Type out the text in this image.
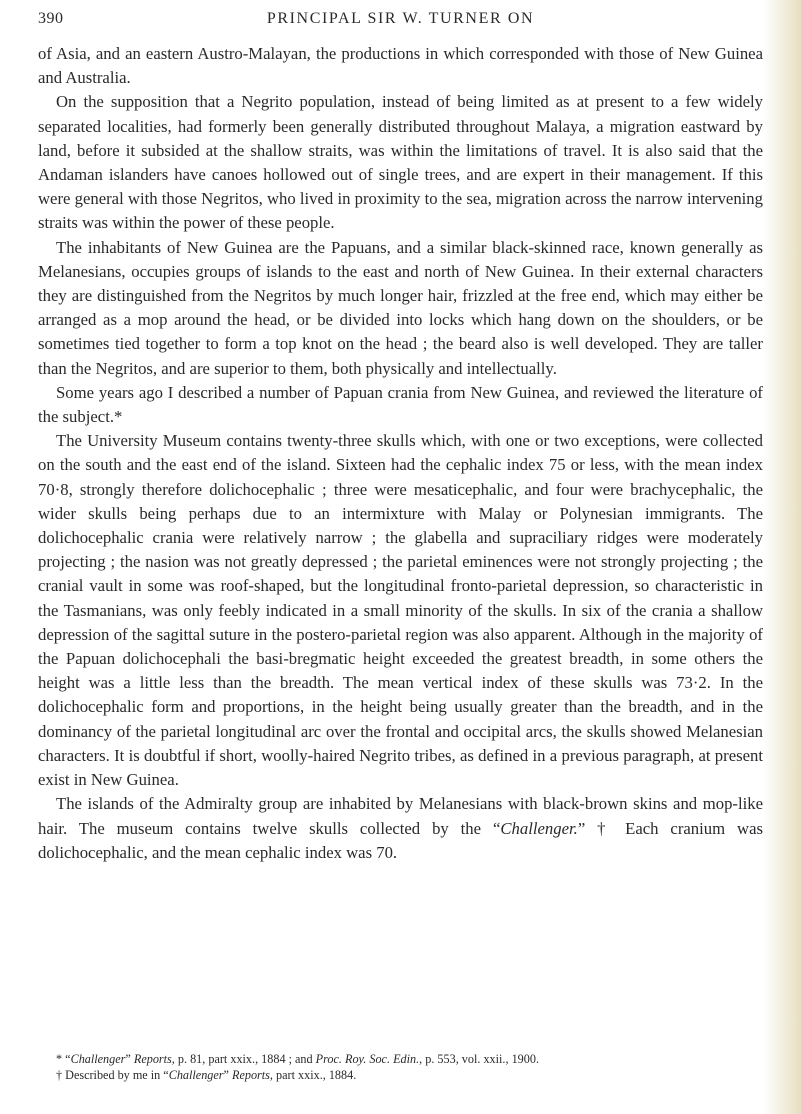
390	PRINCIPAL SIR W. TURNER ON

of Asia, and an eastern Austro-Malayan, the productions in which corresponded with those of New Guinea and Australia.

On the supposition that a Negrito population, instead of being limited as at present to a few widely separated localities, had formerly been generally distributed throughout Malaya, a migration eastward by land, before it subsided at the shallow straits, was within the limitations of travel. It is also said that the Andaman islanders have canoes hollowed out of single trees, and are expert in their management. If this were general with those Negritos, who lived in proximity to the sea, migration across the narrow intervening straits was within the power of these people.

The inhabitants of New Guinea are the Papuans, and a similar black-skinned race, known generally as Melanesians, occupies groups of islands to the east and north of New Guinea. In their external characters they are distinguished from the Negritos by much longer hair, frizzled at the free end, which may either be arranged as a mop around the head, or be divided into locks which hang down on the shoulders, or be sometimes tied together to form a top knot on the head ; the beard also is well developed. They are taller than the Negritos, and are superior to them, both physically and intellectually.

Some years ago I described a number of Papuan crania from New Guinea, and reviewed the literature of the subject.*

The University Museum contains twenty-three skulls which, with one or two exceptions, were collected on the south and the east end of the island. Sixteen had the cephalic index 75 or less, with the mean index 70·8, strongly therefore dolichocephalic ; three were mesaticephalic, and four were brachycephalic, the wider skulls being perhaps due to an intermixture with Malay or Polynesian immigrants. The dolichocephalic crania were relatively narrow ; the glabella and supraciliary ridges were moderately projecting ; the nasion was not greatly depressed ; the parietal eminences were not strongly projecting ; the cranial vault in some was roof-shaped, but the longitudinal fronto-parietal depression, so characteristic in the Tasmanians, was only feebly indicated in a small minority of the skulls. In six of the crania a shallow depression of the sagittal suture in the postero-parietal region was also apparent. Although in the majority of the Papuan dolichocephali the basi-bregmatic height exceeded the greatest breadth, in some others the height was a little less than the breadth. The mean vertical index of these skulls was 73·2. In the dolichocephalic form and proportions, in the height being usually greater than the breadth, and in the dominancy of the parietal longitudinal arc over the frontal and occipital arcs, the skulls showed Melanesian characters. It is doubtful if short, woolly-haired Negrito tribes, as defined in a previous paragraph, at present exist in New Guinea.

The islands of the Admiralty group are inhabited by Melanesians with black-brown skins and mop-like hair. The museum contains twelve skulls collected by the “Challenger.” † Each cranium was dolichocephalic, and the mean cephalic index was 70.

* “Challenger” Reports, p. 81, part xxix., 1884 ; and Proc. Roy. Soc. Edin., p. 553, vol. xxii., 1900.

† Described by me in “Challenger” Reports, part xxix., 1884.
